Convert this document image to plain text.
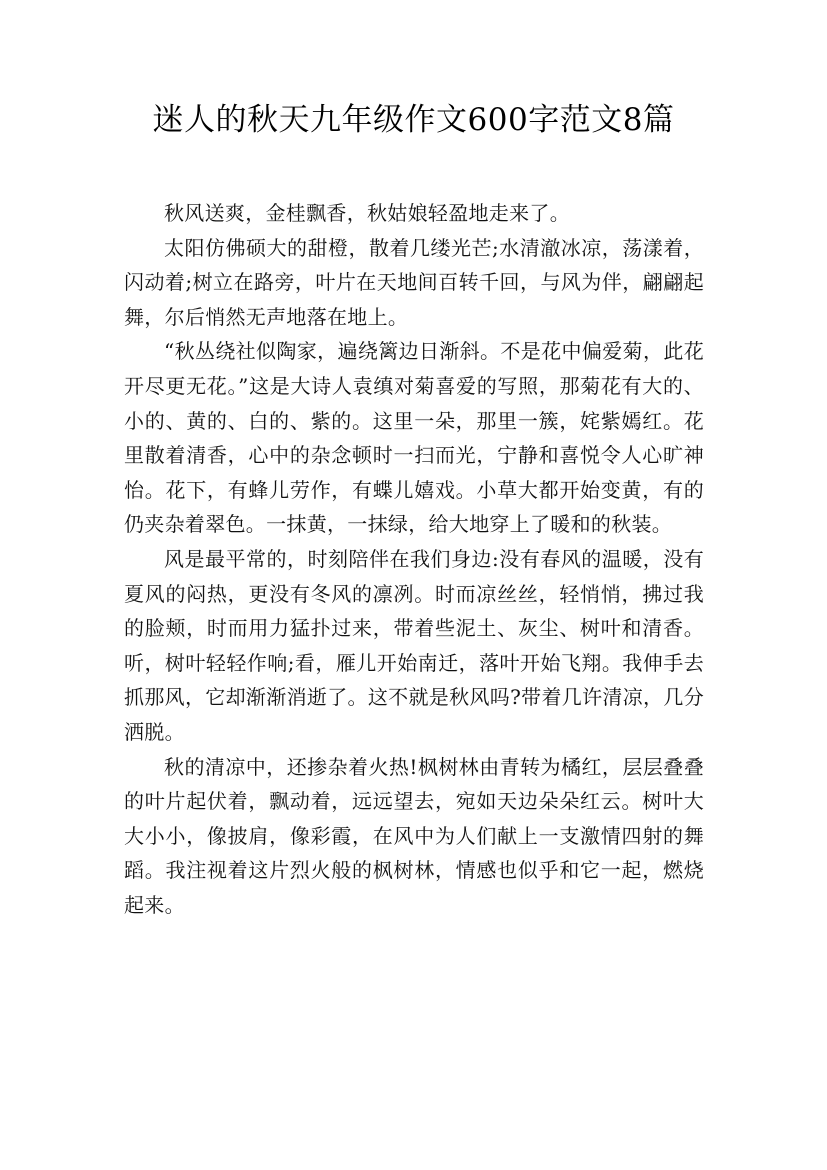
迷人的秋天九年级作文600字范文8篇

秋风送爽，金桂飘香，秋姑娘轻盈地走来了。

太阳仿佛硕大的甜橙，散着几缕光芒;水清澈冰凉，荡漾着，闪动着;树立在路旁，叶片在天地间百转千回，与风为伴，翩翩起舞，尔后悄然无声地落在地上。

“秋丛绕社似陶家，遍绕篱边日渐斜。不是花中偏爱菊，此花开尽更无花。”这是大诗人袁缜对菊喜爱的写照，那菊花有大的、小的、黄的、白的、紫的。这里一朵，那里一簇，姹紫嫣红。花里散着清香，心中的杂念顿时一扫而光，宁静和喜悦令人心旷神怡。花下，有蜂儿劳作，有蝶儿嬉戏。小草大都开始变黄，有的仍夹杂着翠色。一抹黄，一抹绿，给大地穿上了暖和的秋装。

风是最平常的，时刻陪伴在我们身边:没有春风的温暖，没有夏风的闷热，更没有冬风的凛冽。时而凉丝丝，轻悄悄，拂过我的脸颊，时而用力猛扑过来，带着些泥土、灰尘、树叶和清香。听，树叶轻轻作响;看，雁儿开始南迁，落叶开始飞翔。我伸手去抓那风，它却渐渐消逝了。这不就是秋风吗?带着几许清凉，几分洒脱。

秋的清凉中，还掺杂着火热!枫树林由青转为橘红，层层叠叠的叶片起伏着，飘动着，远远望去，宛如天边朵朵红云。树叶大大小小，像披肩，像彩霞，在风中为人们献上一支激情四射的舞蹈。我注视着这片烈火般的枫树林，情感也似乎和它一起，燃烧起来。
